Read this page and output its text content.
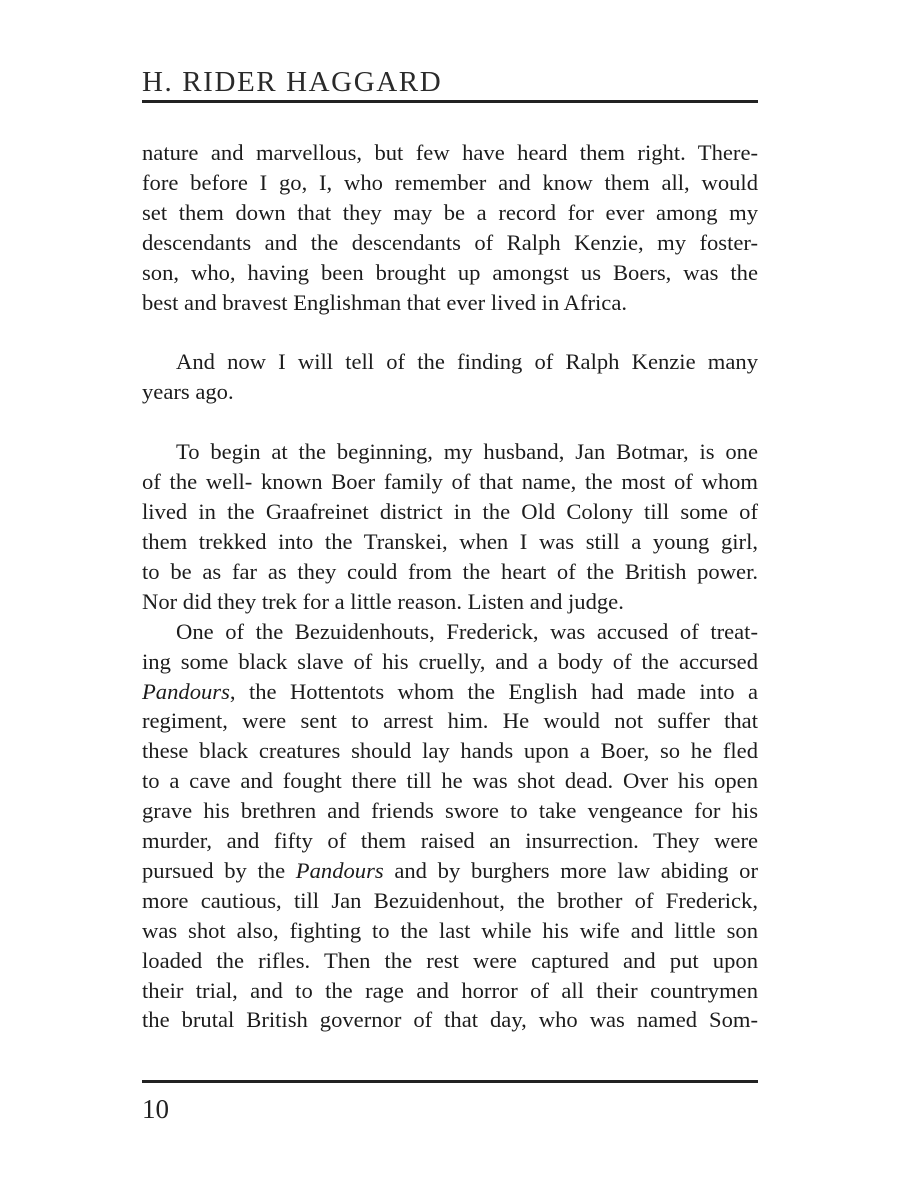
H. RIDER HAGGARD

nature and marvellous, but few have heard them right. There-
fore before I go, I, who remember and know them all, would
set them down that they may be a record for ever among my
descendants and the descendants of Ralph Kenzie, my foster-
son, who, having been brought up amongst us Boers, was the
best and bravest Englishman that ever lived in Africa.

And now I will tell of the finding of Ralph Kenzie many
years ago.

To begin at the beginning, my husband, Jan Botmar, is one
of the well- known Boer family of that name, the most of whom
lived in the Graafreinet district in the Old Colony till some of
them trekked into the Transkei, when I was still a young girl,
to be as far as they could from the heart of the British power.
Nor did they trek for a little reason. Listen and judge.

One of the Bezuidenhouts, Frederick, was accused of treat-
ing some black slave of his cruelly, and a body of the accursed
Pandours, the Hottentots whom the English had made into a
regiment, were sent to arrest him. He would not suffer that
these black creatures should lay hands upon a Boer, so he fled
to a cave and fought there till he was shot dead. Over his open
grave his brethren and friends swore to take vengeance for his
murder, and fifty of them raised an insurrection. They were
pursued by the Pandours and by burghers more law abiding or
more cautious, till Jan Bezuidenhout, the brother of Frederick,
was shot also, fighting to the last while his wife and little son
loaded the rifles. Then the rest were captured and put upon
their trial, and to the rage and horror of all their countrymen
the brutal British governor of that day, who was named Som-

10
